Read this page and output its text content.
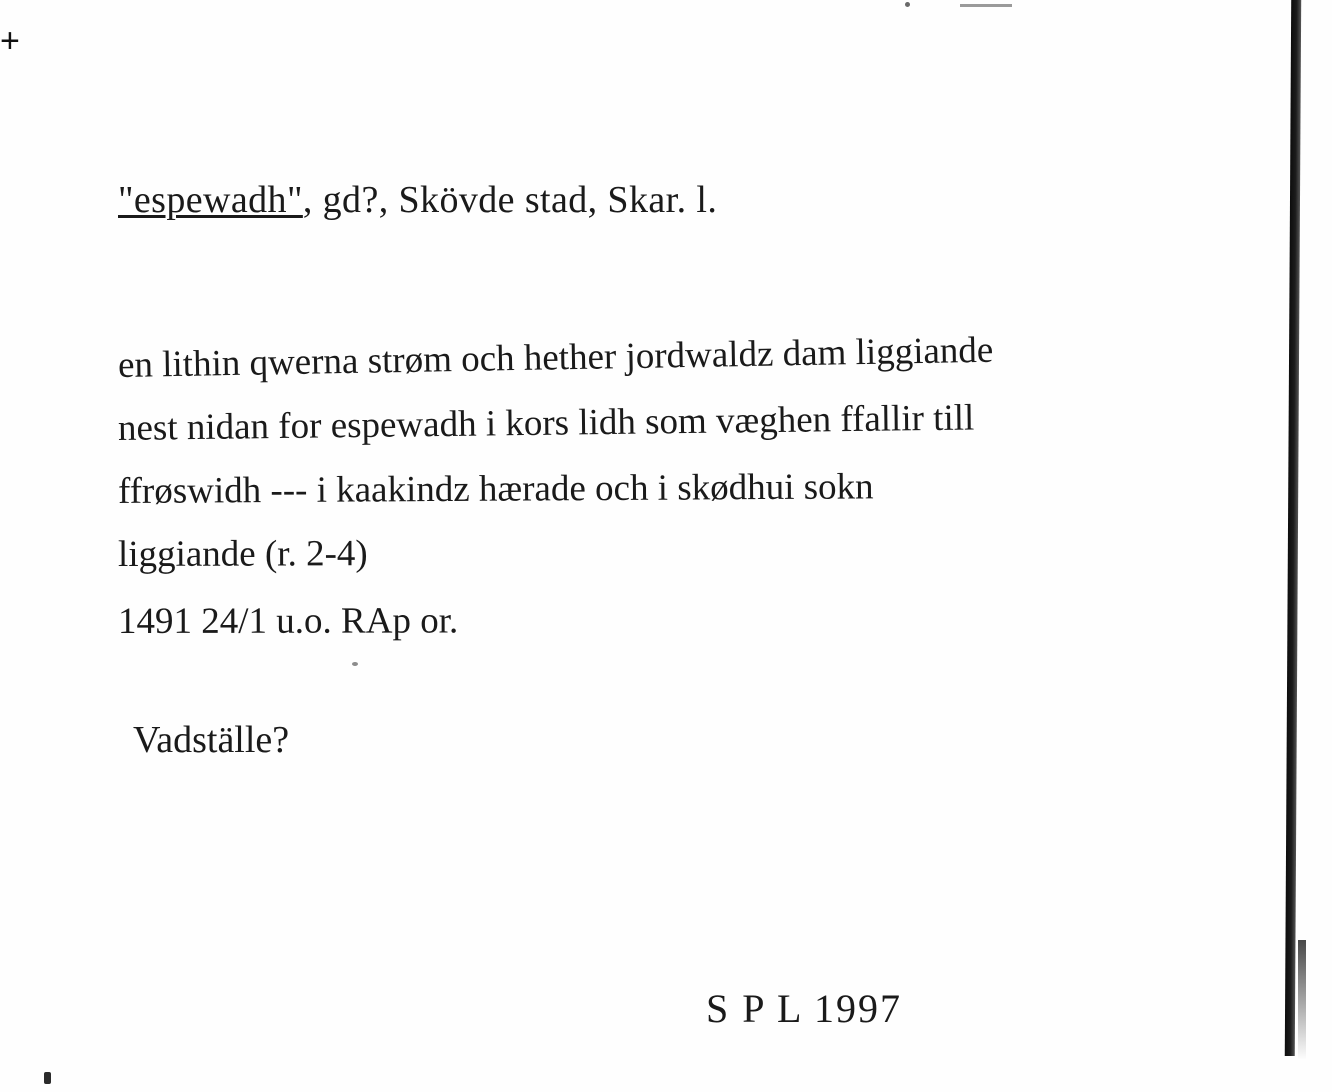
+
"espewadh", gd?, Skövde stad, Skar. l.
en lithin qwerna strøm och hether jordwaldz dam liggiande
nest nidan for espewadh i kors lidh som væghen ffallir till
ffrøswidh --- i kaakindz hærade och i skødhui sokn
liggiande (r. 2-4)
1491 24/1 u.o. RAp or.
Vadställe?
S P L 1997
